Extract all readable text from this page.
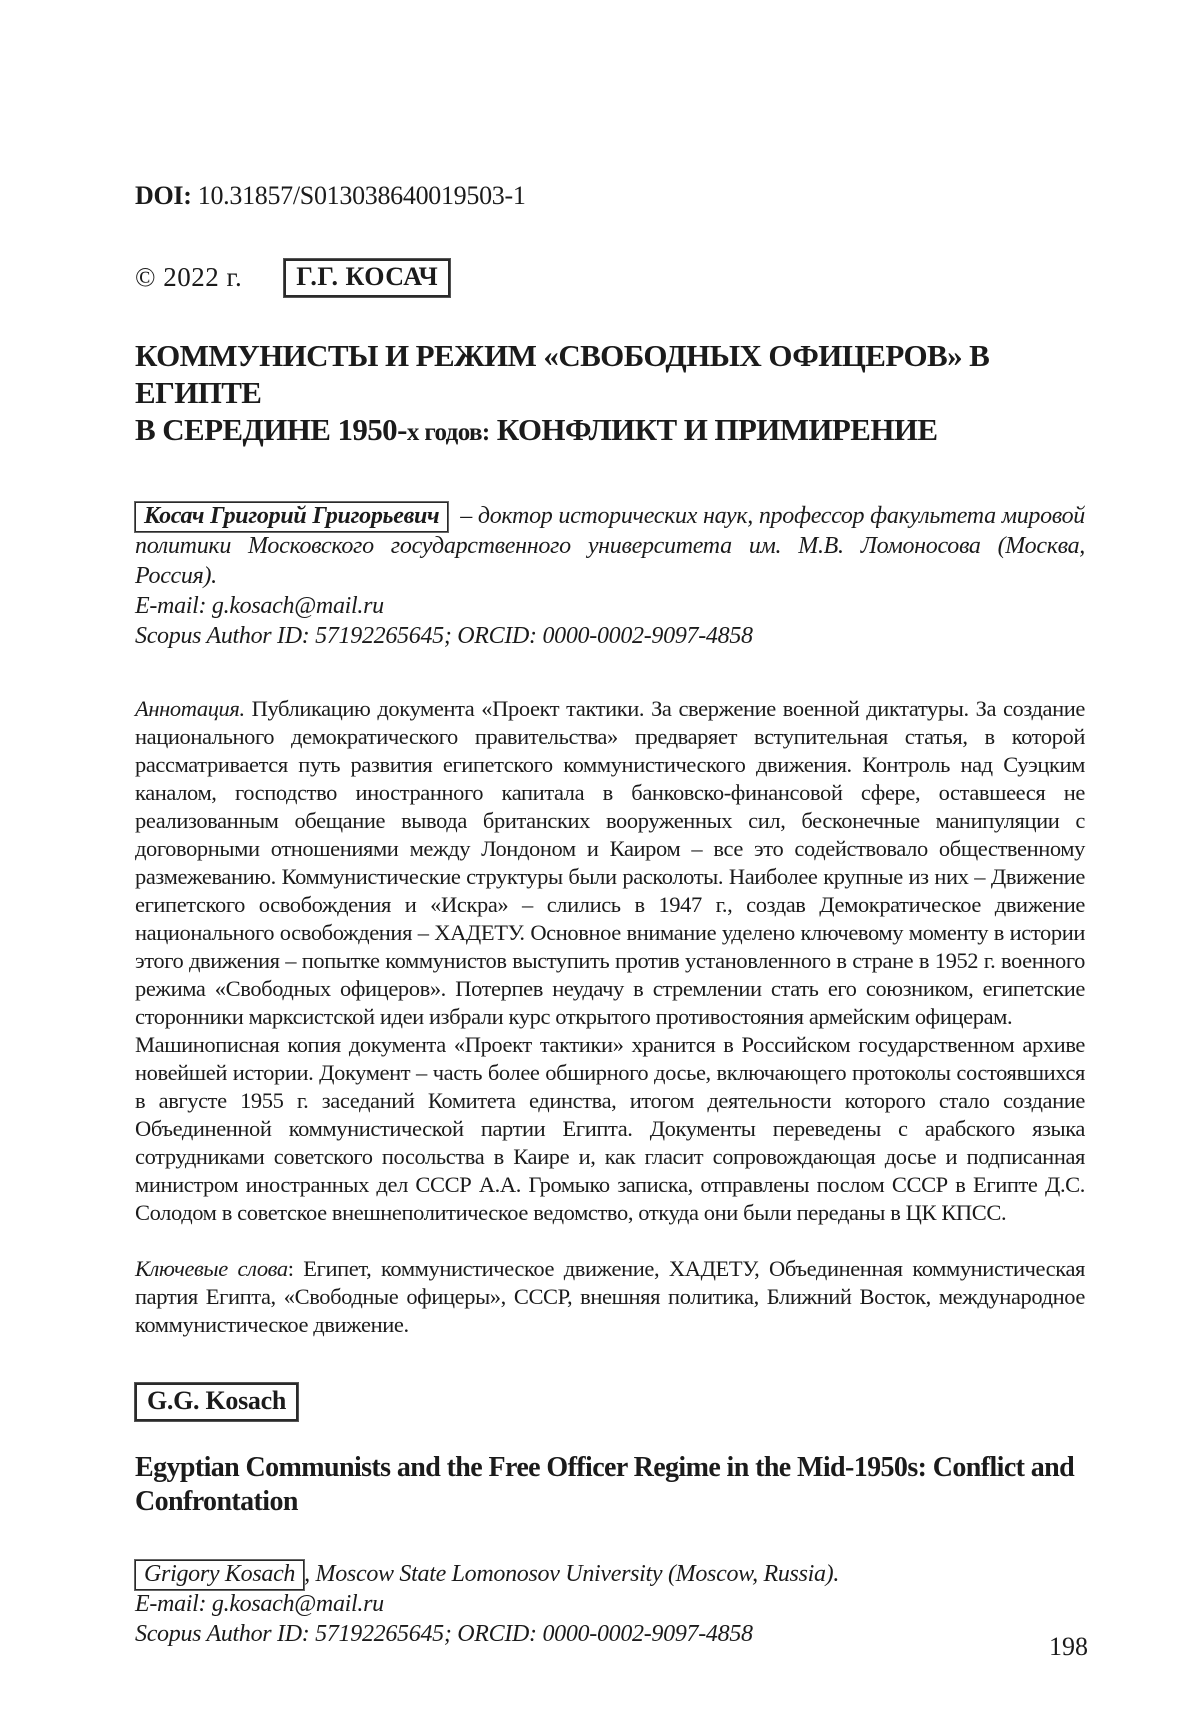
DOI: 10.31857/S013038640019503-1
© 2022 г.	Г.Г. КОСАЧ
КОММУНИСТЫ И РЕЖИМ «СВОБОДНЫХ ОФИЦЕРОВ» В ЕГИПТЕ
В СЕРЕДИНЕ 1950-х годов: КОНФЛИКТ И ПРИМИРЕНИЕ
Косач Григорий Григорьевич – доктор исторических наук, профессор факультета мировой политики Московского государственного университета им. М.В. Ломоносова (Москва, Россия).
E-mail: g.kosach@mail.ru
Scopus Author ID: 57192265645; ORCID: 0000-0002-9097-4858
Аннотация. Публикацию документа «Проект тактики. За свержение военной диктатуры. За создание национального демократического правительства» предваряет вступительная статья, в которой рассматривается путь развития египетского коммунистического движения. Контроль над Суэцким каналом, господство иностранного капитала в банковско-финансовой сфере, оставшееся не реализованным обещание вывода британских вооруженных сил, бесконечные манипуляции с договорными отношениями между Лондоном и Каиром – все это содействовало общественному размежеванию. Коммунистические структуры были расколоты. Наиболее крупные из них – Движение египетского освобождения и «Искра» – слились в 1947 г., создав Демократическое движение национального освобождения – ХАДЕТУ. Основное внимание уделено ключевому моменту в истории этого движения – попытке коммунистов выступить против установленного в стране в 1952 г. военного режима «Свободных офицеров». Потерпев неудачу в стремлении стать его союзником, египетские сторонники марксистской идеи избрали курс открытого противостояния армейским офицерам.
Машинописная копия документа «Проект тактики» хранится в Российском государственном архиве новейшей истории. Документ – часть более обширного досье, включающего протоколы состоявшихся в августе 1955 г. заседаний Комитета единства, итогом деятельности которого стало создание Объединенной коммунистической партии Египта. Документы переведены с арабского языка сотрудниками советского посольства в Каире и, как гласит сопровождающая досье и подписанная министром иностранных дел СССР А.А. Громыко записка, отправлены послом СССР в Египте Д.С. Солодом в советское внешнеполитическое ведомство, откуда они были переданы в ЦК КПСС.
Ключевые слова: Египет, коммунистическое движение, ХАДЕТУ, Объединенная коммунистическая партия Египта, «Свободные офицеры», СССР, внешняя политика, Ближний Восток, международное коммунистическое движение.
G.G. Kosach
Egyptian Communists and the Free Officer Regime in the Mid-1950s: Conflict and
Confrontation
Grigory Kosach , Moscow State Lomonosov University (Moscow, Russia).
E-mail: g.kosach@mail.ru
Scopus Author ID: 57192265645; ORCID: 0000-0002-9097-4858	198
